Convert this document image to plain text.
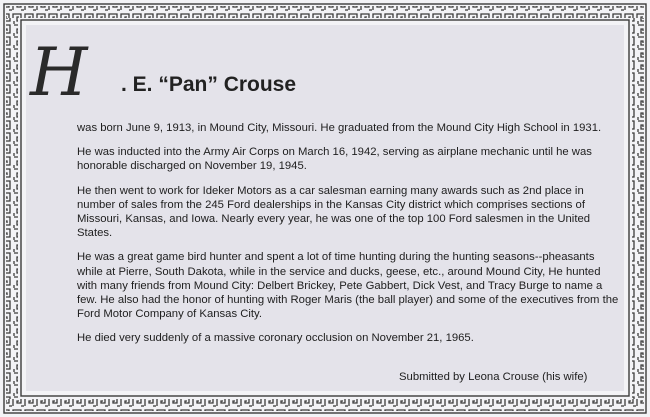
H . E. “Pan” Crouse

was born June 9, 1913, in Mound City, Missouri. He graduated from the Mound City High School in 1931.

He was inducted into the Army Air Corps on March 16, 1942, serving as airplane mechanic until he was honorable discharged on November 19, 1945.

He then went to work for Ideker Motors as a car salesman earning many awards such as 2nd place in number of sales from the 245 Ford dealerships in the Kansas City district which comprises sections of Missouri, Kansas, and Iowa. Nearly every year, he was one of the top 100 Ford salesmen in the United States.

He was a great game bird hunter and spent a lot of time hunting during the hunting seasons--pheasants while at Pierre, South Dakota, while in the service and ducks, geese, etc., around Mound City, He hunted with many friends from Mound City: Delbert Brickey, Pete Gabbert, Dick Vest, and Tracy Burge to name a few. He also had the honor of hunting with Roger Maris (the ball player) and some of the executives from the Ford Motor Company of Kansas City.

He died very suddenly of a massive coronary occlusion on November 21, 1965.

Submitted by Leona Crouse (his wife)
